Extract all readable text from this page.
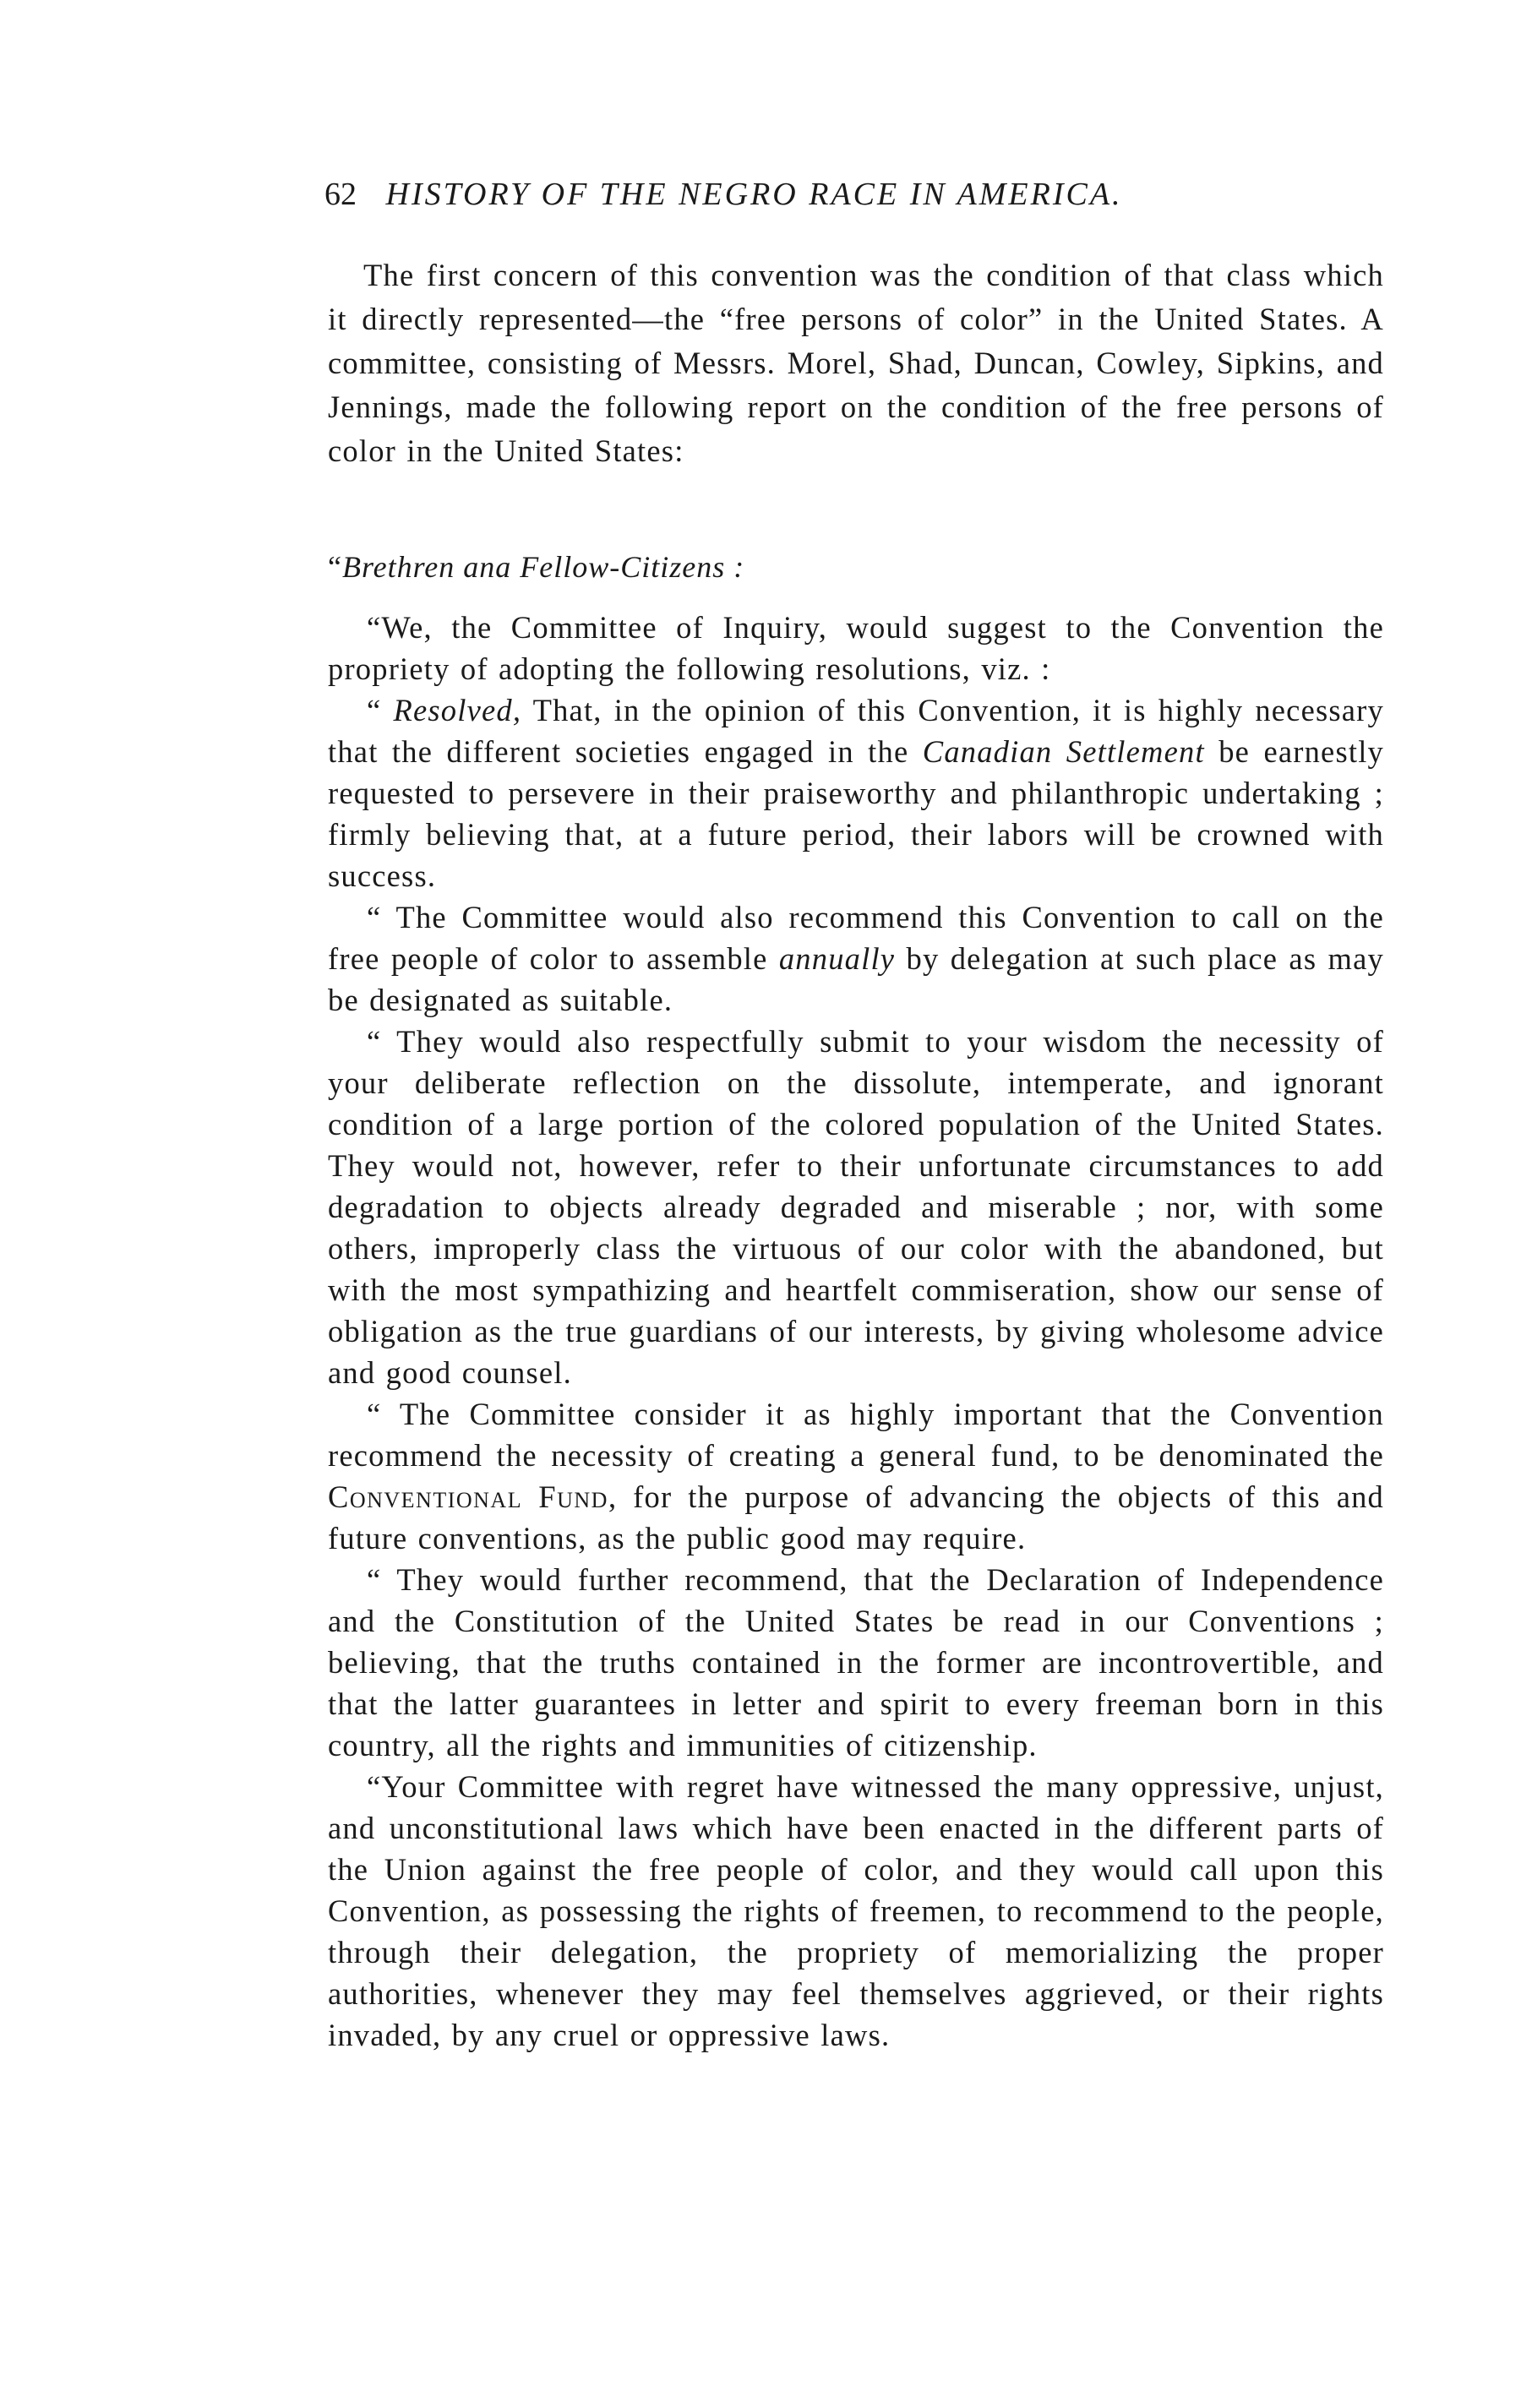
62 HISTORY OF THE NEGRO RACE IN AMERICA.

The first concern of this convention was the condition of that class which it directly represented—the “free persons of color” in the United States. A committee, consisting of Messrs. Morel, Shad, Duncan, Cowley, Sipkins, and Jennings, made the following report on the condition of the free persons of color in the United States:

“Brethren ana Fellow-Citizens :

“We, the Committee of Inquiry, would suggest to the Convention the propriety of adopting the following resolutions, viz. :

“ Resolved, That, in the opinion of this Convention, it is highly necessary that the different societies engaged in the Canadian Settlement be earnestly requested to persevere in their praiseworthy and philanthropic undertaking ; firmly believing that, at a future period, their labors will be crowned with success.

“ The Committee would also recommend this Convention to call on the free people of color to assemble annually by delegation at such place as may be designated as suitable.

“ They would also respectfully submit to your wisdom the necessity of your deliberate reflection on the dissolute, intemperate, and ignorant condition of a large portion of the colored population of the United States. They would not, however, refer to their unfortunate circumstances to add degradation to objects already degraded and miserable ; nor, with some others, improperly class the virtuous of our color with the abandoned, but with the most sympathizing and heartfelt commiseration, show our sense of obligation as the true guardians of our interests, by giving wholesome advice and good counsel.

“ The Committee consider it as highly important that the Convention recommend the necessity of creating a general fund, to be denominated the Conventional Fund, for the purpose of advancing the objects of this and future conventions, as the public good may require.

“ They would further recommend, that the Declaration of Independence and the Constitution of the United States be read in our Conventions ; believing, that the truths contained in the former are incontrovertible, and that the latter guarantees in letter and spirit to every freeman born in this country, all the rights and immunities of citizenship.

“Your Committee with regret have witnessed the many oppressive, unjust, and unconstitutional laws which have been enacted in the different parts of the Union against the free people of color, and they would call upon this Convention, as possessing the rights of freemen, to recommend to the people, through their delegation, the propriety of memorializing the proper authorities, whenever they may feel themselves aggrieved, or their rights invaded, by any cruel or oppressive laws.
